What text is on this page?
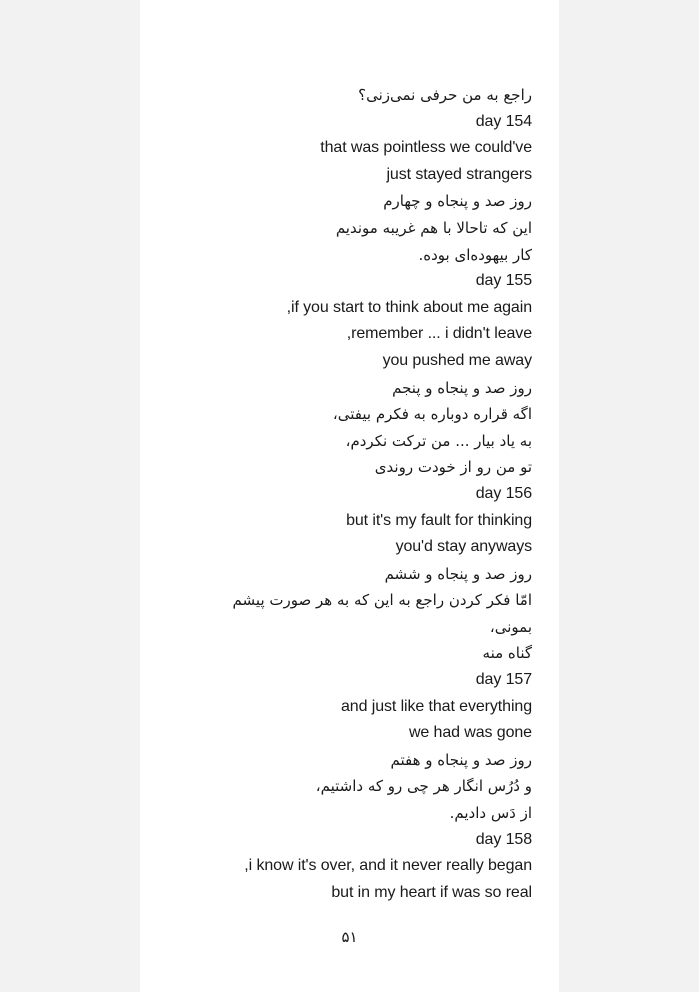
راجع به من حرفی نمی‌زنی؟
day 154
that was pointless we could've
just stayed strangers
روز صد و پنجاه و چهارم
این که تاحالا با هم غریبه موندیم
کار بیهوده‌ای بوده.
day 155
,if you start to think about me again
,remember ... i didn't leave
you pushed me away
روز صد و پنجاه و پنجم
اگه قراره دوباره به فکرم بیفتی،
به یاد بیار ... من ترکت نکردم،
تو من رو از خودت روندی
day 156
but it's my fault for thinking
you'd stay anyways
روز صد و پنجاه و ششم
امّا فکر کردن راجع به این که به هر صورت پیشم
بمونی،
گناه منه
day 157
and just like that everything
we had was gone
روز صد و پنجاه و هفتم
و دُرُس انگار هر چی رو که داشتیم،
از دَس دادیم.
day 158
,i know it's over, and it never really began
but in my heart if was so real
۵۱
